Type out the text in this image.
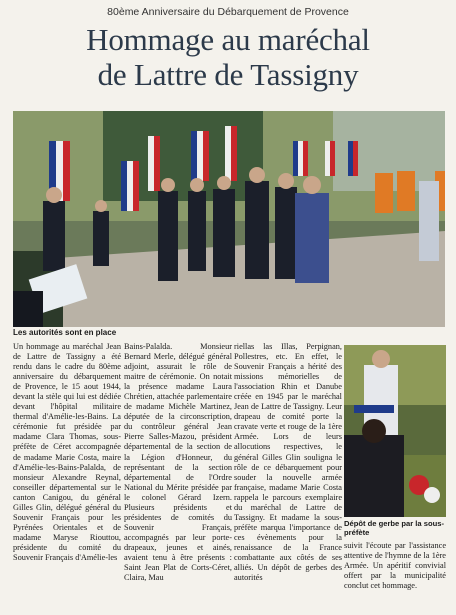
80ème Anniversaire du Débarquement de Provence
Hommage au maréchal
de Lattre de Tassigny
Les autorités sont en place
Un hommage au maréchal Jean de Lattre de Tassigny a été rendu dans le cadre du 80ème anniversaire du débarquement de Provence, le 15 aout 1944, devant la stèle qui lui est dédiée devant l'hôpital militaire thermal d'Amélie-les-Bains. La cérémonie fut présidée par madame Clara Thomas, sous-préfète de Céret accompagnée de madame Marie Costa, maire d'Amélie-les-Bains-Palalda, de monsieur Alexandre Reynal, conseiller départemental sur le canton Canigou, du général Gilles Glin, délégué général du Souvenir Français pour les Pyrénées Orientales et de madame Maryse Riouttou, présidente du comité du Souvenir Français d'Amélie-les
Bains-Palalda. Monsieur Bernard Merle, délégué général adjoint, assurait le rôle de maitre de cérémonie. On notait la présence madame Laura Chrétien, attachée parlementaire de madame Michèle Martinez, députée de la circonscription, du contrôleur général Jean Pierre Salles-Mazou, président départemental de la section de la Légion d'Honneur, du représentant de la section départemental de l'Ordre National du Mérite présidée par le colonel Gérard Izern. Plusieurs présidents et présidentes de comités du Souvenir Français, accompagnés par leur porte-drapeaux, jeunes et ainés, avaient tenu à être présents : Saint Jean Plat de Corts-Céret, Claira, Mau
riellas las Illas, Perpignan, Pollestres, etc. En effet, le Souvenir Français a hérité des missions mémorielles de l'association Rhin et Danube créée en 1945 par le maréchal Jean de Lattre de Tassigny. Leur drapeau de comité porte la cravate verte et rouge de la 1ère Armée. Lors de leurs allocutions respectives, le général Gilles Glin souligna le rôle de ce débarquement pour souder la nouvelle armée française, madame Marie Costa rappela le parcours exemplaire du maréchal de Lattre de Tassigny. Et madame la sous-préfète marqua l'importance de ces évènements pour la renaissance de la France combattante aux côtés de ses alliés. Un dépôt de gerbes des autorités
Dépôt de gerbe par la sous-préfète
suivit l'écoute par l'assistance attentive de l'hymne de la 1ère Armée. Un apéritif convivial offert par la municipalité conclut cet hommage.
